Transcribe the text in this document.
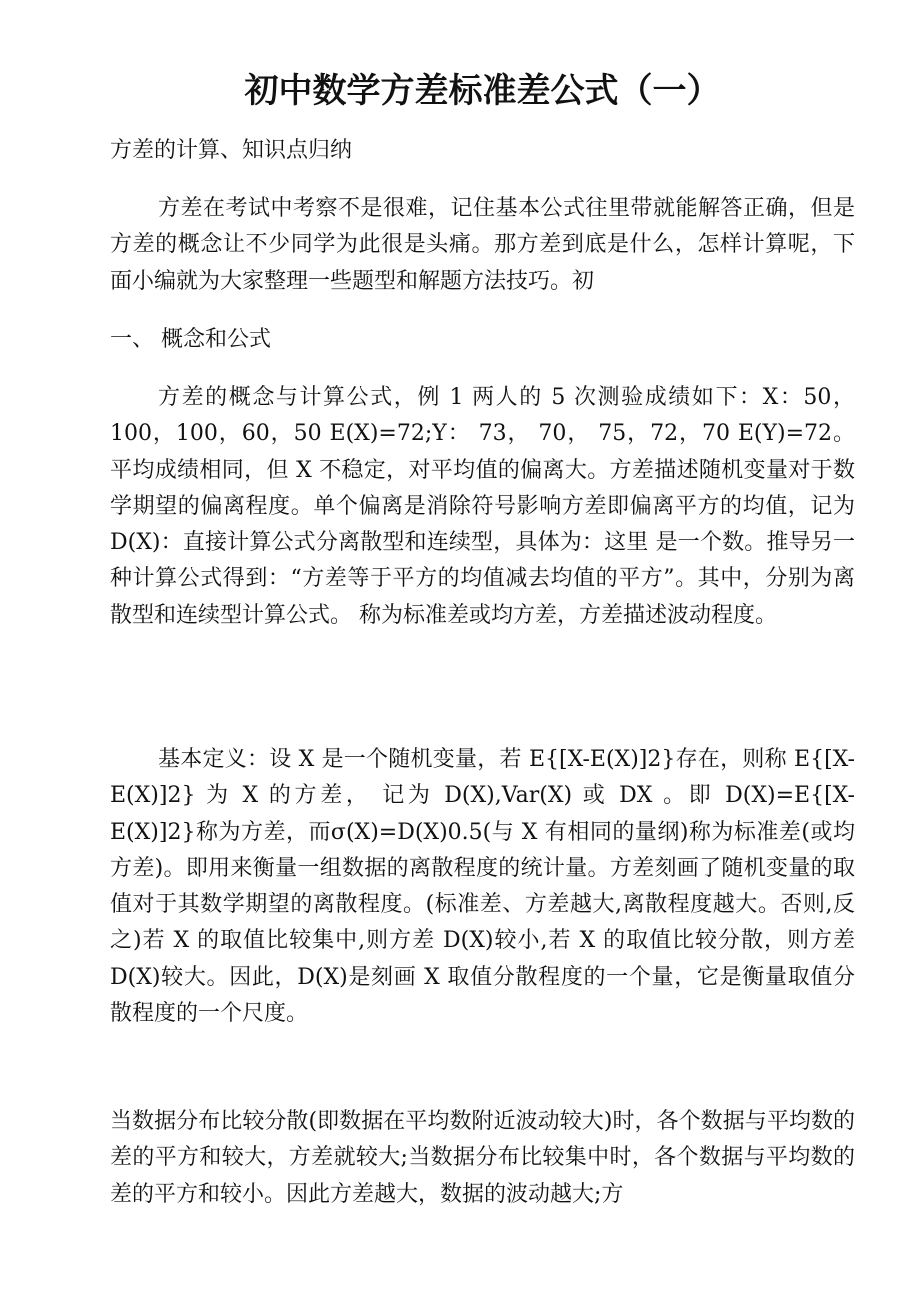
初中数学方差标准差公式（一）

方差的计算、知识点归纳

方差在考试中考察不是很难，记住基本公式往里带就能解答正确，但是方差的概念让不少同学为此很是头痛。那方差到底是什么，怎样计算呢，下面小编就为大家整理一些题型和解题方法技巧。初

一、 概念和公式

方差的概念与计算公式，例 1 两人的 5 次测验成绩如下：X：50，100，100，60，50 E(X)=72;Y： 73， 70， 75，72，70 E(Y)=72。平均成绩相同，但 X 不稳定，对平均值的偏离大。方差描述随机变量对于数学期望的偏离程度。单个偏离是消除符号影响方差即偏离平方的均值，记为 D(X)：直接计算公式分离散型和连续型，具体为：这里 是一个数。推导另一种计算公式得到：“方差等于平方的均值减去均值的平方”。其中，分别为离散型和连续型计算公式。 称为标准差或均方差，方差描述波动程度。

基本定义：设 X 是一个随机变量，若 E{[X-E(X)]2}存在，则称 E{[X-E(X)]2} 为 X 的方差， 记为 D(X),Var(X) 或 DX 。即 D(X)=E{[X-E(X)]2}称为方差，而σ(X)=D(X)0.5(与 X 有相同的量纲)称为标准差(或均方差)。即用来衡量一组数据的离散程度的统计量。方差刻画了随机变量的取值对于其数学期望的离散程度。(标准差、方差越大,离散程度越大。否则,反之)若 X 的取值比较集中,则方差 D(X)较小,若 X 的取值比较分散，则方差 D(X)较大。因此，D(X)是刻画 X 取值分散程度的一个量，它是衡量取值分散程度的一个尺度。

当数据分布比较分散(即数据在平均数附近波动较大)时，各个数据与平均数的差的平方和较大，方差就较大;当数据分布比较集中时，各个数据与平均数的差的平方和较小。因此方差越大，数据的波动越大;方
